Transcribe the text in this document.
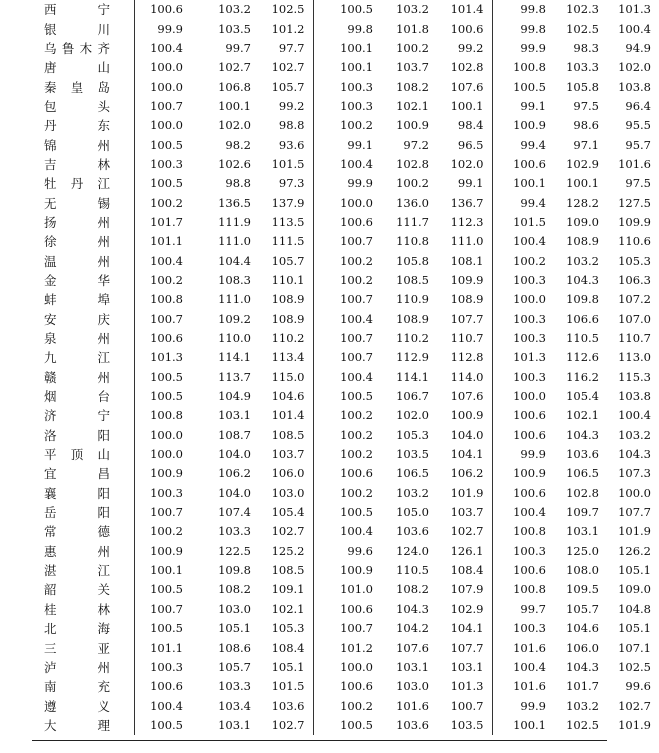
西宁	100.6	103.2	102.5	100.5	103.2	101.4	99.8	102.3	101.3

银川	99.9	103.5	101.2	99.8	101.8	100.6	99.8	102.5	100.4

乌鲁木齐	100.4	99.7	97.7	100.1	100.2	99.2	99.9	98.3	94.9

唐山	100.0	102.7	102.7	100.1	103.7	102.8	100.8	103.3	102.0

秦皇岛	100.0	106.8	105.7	100.3	108.2	107.6	100.5	105.8	103.8

包头	100.7	100.1	99.2	100.3	102.1	100.1	99.1	97.5	96.4

丹东	100.0	102.0	98.8	100.2	100.9	98.4	100.9	98.6	95.5

锦州	100.5	98.2	93.6	99.1	97.2	96.5	99.4	97.1	95.7

吉林	100.3	102.6	101.5	100.4	102.8	102.0	100.6	102.9	101.6

牡丹江	100.5	98.8	97.3	99.9	100.2	99.1	100.1	100.1	97.5

无锡	100.2	136.5	137.9	100.0	136.0	136.7	99.4	128.2	127.5

扬州	101.7	111.9	113.5	100.6	111.7	112.3	101.5	109.0	109.9

徐州	101.1	111.0	111.5	100.7	110.8	111.0	100.4	108.9	110.6

温州	100.4	104.4	105.7	100.2	105.8	108.1	100.2	103.2	105.3

金华	100.2	108.3	110.1	100.2	108.5	109.9	100.3	104.3	106.3

蚌埠	100.8	111.0	108.9	100.7	110.9	108.9	100.0	109.8	107.2

安庆	100.7	109.2	108.9	100.4	108.9	107.7	100.3	106.6	107.0

泉州	100.6	110.0	110.2	100.7	110.2	110.7	100.3	110.5	110.7

九江	101.3	114.1	113.4	100.7	112.9	112.8	101.3	112.6	113.0

赣州	100.5	113.7	115.0	100.4	114.1	114.0	100.3	116.2	115.3

烟台	100.5	104.9	104.6	100.5	106.7	107.6	100.0	105.4	103.8

济宁	100.8	103.1	101.4	100.2	102.0	100.9	100.6	102.1	100.4

洛阳	100.0	108.7	108.5	100.2	105.3	104.0	100.6	104.3	103.2

平顶山	100.0	104.0	103.7	100.2	103.5	104.1	99.9	103.6	104.3

宜昌	100.9	106.2	106.0	100.6	106.5	106.2	100.9	106.5	107.3

襄阳	100.3	104.0	103.0	100.2	103.2	101.9	100.6	102.8	100.0

岳阳	100.7	107.4	105.4	100.5	105.0	103.7	100.4	109.7	107.7

常德	100.2	103.3	102.7	100.4	103.6	102.7	100.8	103.1	101.9

惠州	100.9	122.5	125.2	99.6	124.0	126.1	100.3	125.0	126.2

湛江	100.1	109.8	108.5	100.9	110.5	108.4	100.6	108.0	105.1

韶关	100.5	108.2	109.1	101.0	108.2	107.9	100.8	109.5	109.0

桂林	100.7	103.0	102.1	100.6	104.3	102.9	99.7	105.7	104.8

北海	100.5	105.1	105.3	100.7	104.2	104.1	100.3	104.6	105.1

三亚	101.1	108.6	108.4	101.2	107.6	107.7	101.6	106.0	107.1

泸州	100.3	105.7	105.1	100.0	103.1	103.1	100.4	104.3	102.5

南充	100.6	103.3	101.5	100.6	103.0	101.3	101.6	101.7	99.6

遵义	100.4	103.4	103.6	100.2	101.6	100.7	99.9	103.2	102.7

大理	100.5	103.1	102.7	100.5	103.6	103.5	100.1	102.5	101.9
